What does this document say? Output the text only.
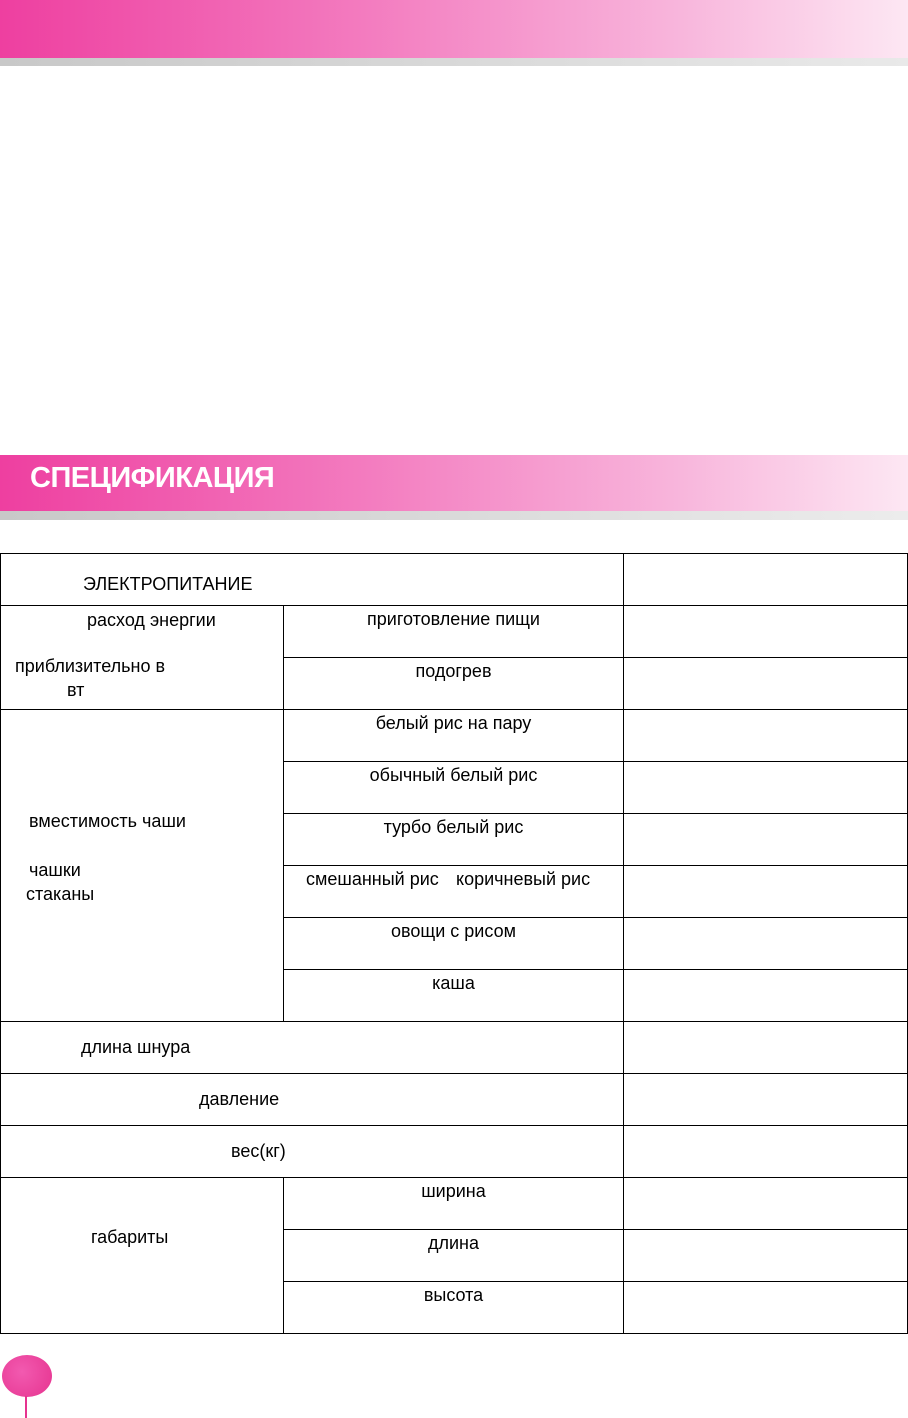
СПЕЦИФИКАЦИЯ
ЭЛЕКТРОПИТАНИЕ		

расход энергии
приблизительно в
вт	приготовление пищи	

	подогрев	

вместимость чаши
чашки
стаканы	белый рис на пару	

	обычный белый рис	

	турбо белый рис	

	смешанный рис коричневый рис	

	овощи с рисом	

	каша	

длина шнура		

давление		

вес(кг)		

габариты	ширина	

	длина	

	высота	
